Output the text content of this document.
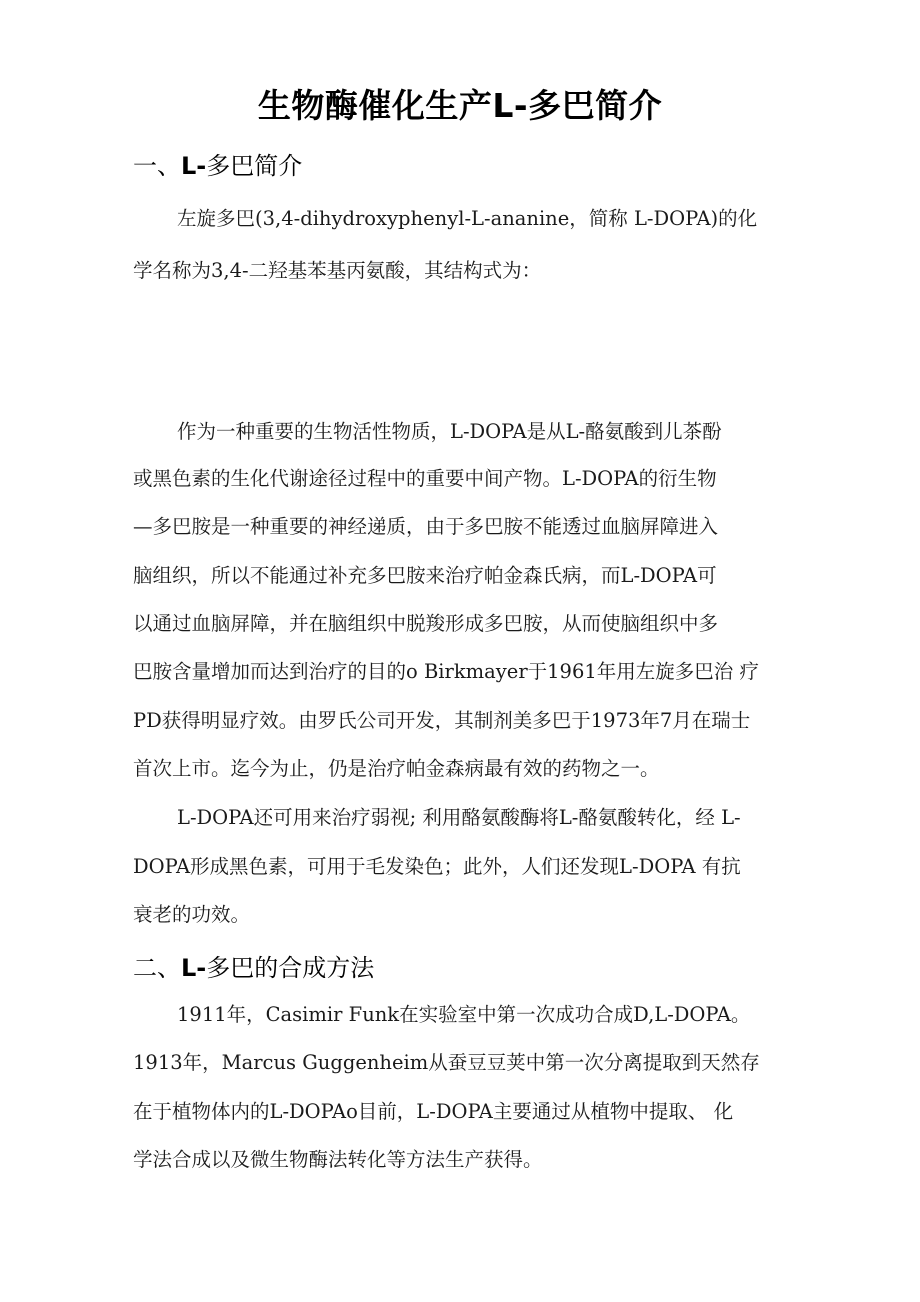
生物酶催化生产L-多巴简介
一、L-多巴简介
左旋多巴(3,4-dihydroxyphenyl-L-ananine，简称 L-DOPA)的化
学名称为3,4-二羟基苯基丙氨酸，其结构式为：
作为一种重要的生物活性物质，L-DOPA是从L-酪氨酸到儿茶酚
或黑色素的生化代谢途径过程中的重要中间产物。L-DOPA的衍生物
—多巴胺是一种重要的神经递质，由于多巴胺不能透过血脑屏障进入
脑组织，所以不能通过补充多巴胺来治疗帕金森氏病，而L-DOPA可
以通过血脑屏障，并在脑组织中脱羧形成多巴胺，从而使脑组织中多
巴胺含量增加而达到治疗的目的o Birkmayer于1961年用左旋多巴治 疗
PD获得明显疗效。由罗氏公司开发，其制剂美多巴于1973年7月在瑞士
首次上市。迄今为止，仍是治疗帕金森病最有效的药物之一。
L-DOPA还可用来治疗弱视; 利用酪氨酸酶将L-酪氨酸转化，经 L-
DOPA形成黑色素，可用于毛发染色；此外，人们还发现L-DOPA 有抗
衰老的功效。
二、L-多巴的合成方法
1911年，Casimir Funk在实验室中第一次成功合成D,L-DOPA。
1913年，Marcus Guggenheim从蚕豆豆荚中第一次分离提取到天然存
在于植物体内的L-DOPAo目前，L-DOPA主要通过从植物中提取、 化
学法合成以及微生物酶法转化等方法生产获得。
